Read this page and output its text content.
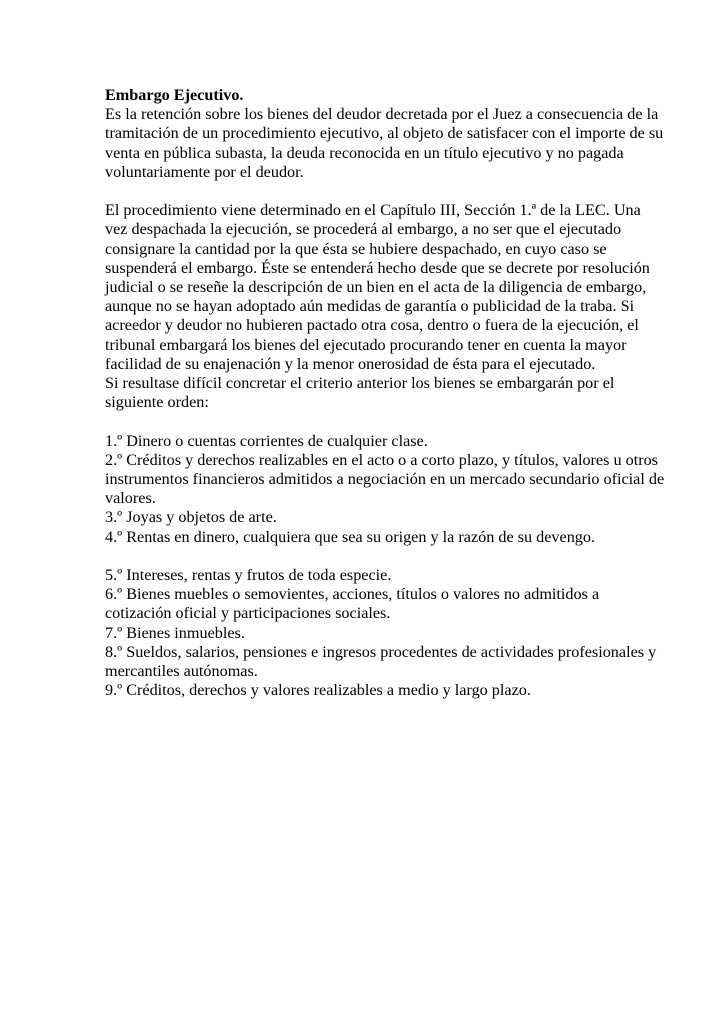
Embargo Ejecutivo.

Es la retención sobre los bienes del deudor decretada por el Juez a consecuencia de la tramitación de un procedimiento ejecutivo, al objeto de satisfacer con el importe de su venta en pública subasta, la deuda reconocida en un título ejecutivo y no pagada voluntariamente por el deudor.

El procedimiento viene determinado en el Capítulo III, Sección 1.ª de la LEC. Una vez despachada la ejecución, se procederá al embargo, a no ser que el ejecutado consignare la cantidad por la que ésta se hubiere despachado, en cuyo caso se suspenderá el embargo. Éste se entenderá hecho desde que se decrete por resolución judicial o se reseñe la descripción de un bien en el acta de la diligencia de embargo, aunque no se hayan adoptado aún medidas de garantía o publicidad de la traba. Si acreedor y deudor no hubieren pactado otra cosa, dentro o fuera de la ejecución, el tribunal embargará los bienes del ejecutado procurando tener en cuenta la mayor facilidad de su enajenación y la menor onerosidad de ésta para el ejecutado.

Si resultase difícil concretar el criterio anterior los bienes se embargarán por el siguiente orden:

1.º Dinero o cuentas corrientes de cualquier clase.

2.º Créditos y derechos realizables en el acto o a corto plazo, y títulos, valores u otros instrumentos financieros admitidos a negociación en un mercado secundario oficial de valores.

3.º Joyas y objetos de arte.

4.º Rentas en dinero, cualquiera que sea su origen y la razón de su devengo.

5.º Intereses, rentas y frutos de toda especie.

6.º Bienes muebles o semovientes, acciones, títulos o valores no admitidos a cotización oficial y participaciones sociales.

7.º Bienes inmuebles.

8.º Sueldos, salarios, pensiones e ingresos procedentes de actividades profesionales y mercantiles autónomas.

9.º Créditos, derechos y valores realizables a medio y largo plazo.
